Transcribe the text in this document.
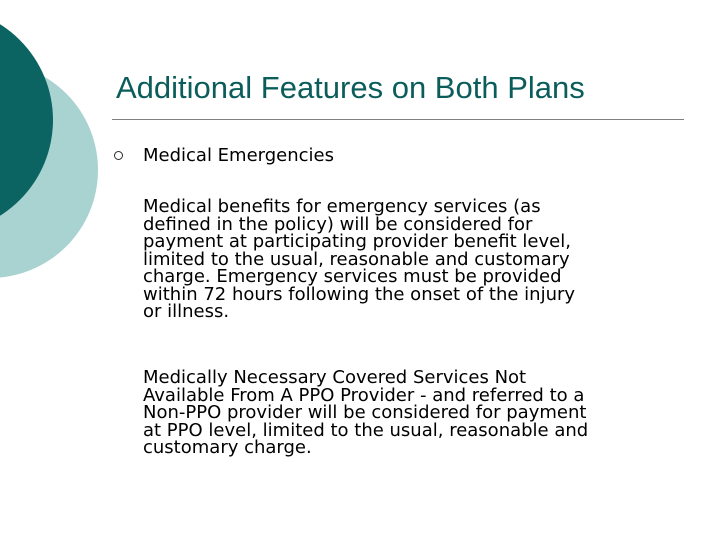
Additional Features on Both Plans
Medical Emergencies
Medical benefits for emergency services (as
defined in the policy) will be considered for
payment at participating provider benefit level,
limited to the usual, reasonable and customary
charge. Emergency services must be provided
within 72 hours following the onset of the injury
or illness.
Medically Necessary Covered Services Not
Available From A PPO Provider - and referred to a
Non-PPO provider will be considered for payment
at PPO level, limited to the usual, reasonable and
customary charge.
